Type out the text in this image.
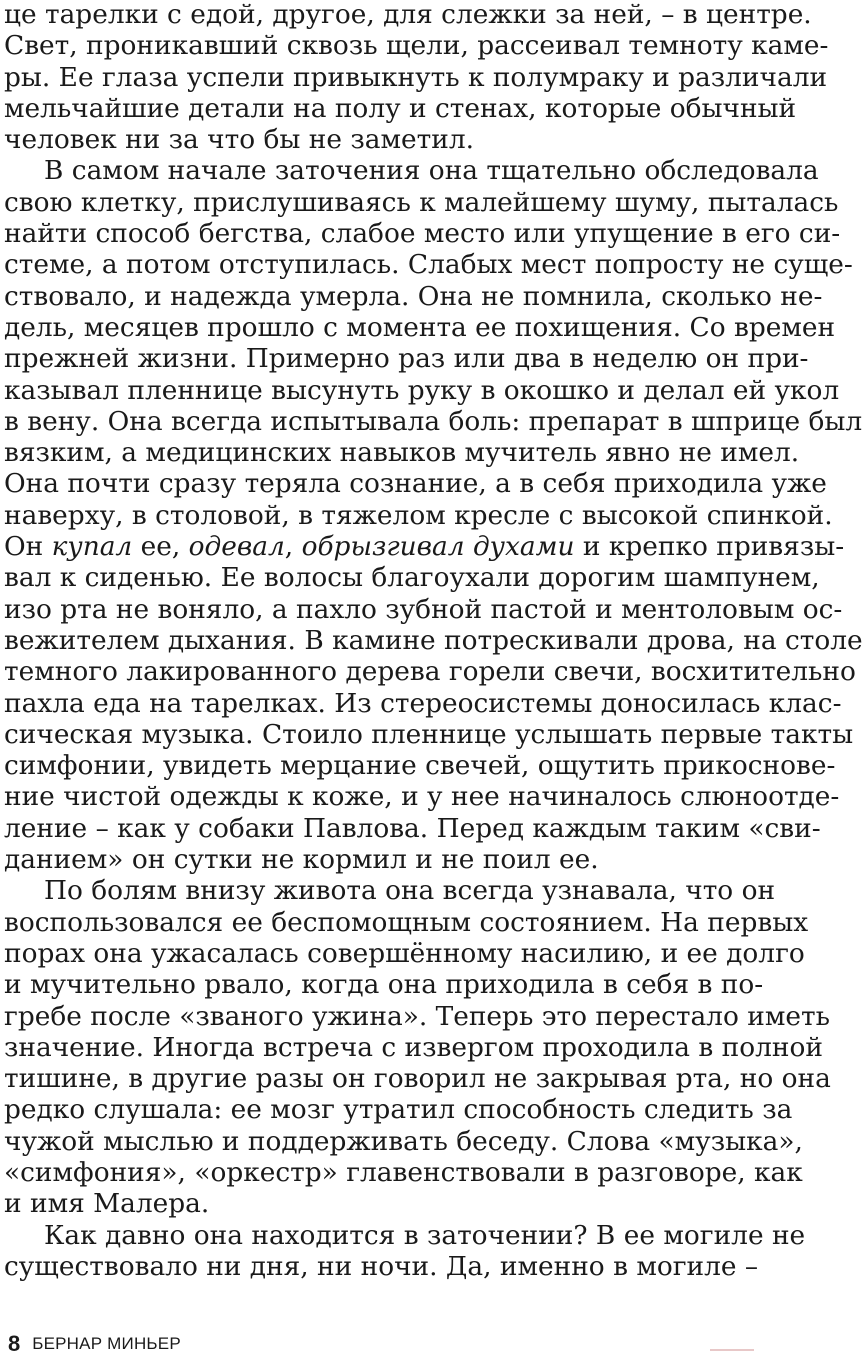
це тарелки с едой, другое, для слежки за ней, – в центре.
Свет, проникавший сквозь щели, рассеивал темноту каме-
ры. Ее глаза успели привыкнуть к полумраку и различали
мельчайшие детали на полу и стенах, которые обычный
человек ни за что бы не заметил.
В самом начале заточения она тщательно обследовала
свою клетку, прислушиваясь к малейшему шуму, пыталась
найти способ бегства, слабое место или упущение в его си-
стеме, а потом отступилась. Слабых мест попросту не суще-
ствовало, и надежда умерла. Она не помнила, сколько не-
дель, месяцев прошло с момента ее похищения. Со времен
прежней жизни. Примерно раз или два в неделю он при-
казывал пленнице высунуть руку в окошко и делал ей укол
в вену. Она всегда испытывала боль: препарат в шприце был
вязким, а медицинских навыков мучитель явно не имел.
Она почти сразу теряла сознание, а в себя приходила уже
наверху, в столовой, в тяжелом кресле с высокой спинкой.
Он купал ее, одевал, обрызгивал духами и крепко привязы-
вал к сиденью. Ее волосы благоухали дорогим шампунем,
изо рта не воняло, а пахло зубной пастой и ментоловым ос-
вежителем дыхания. В камине потрескивали дрова, на столе
темного лакированного дерева горели свечи, восхитительно
пахла еда на тарелках. Из стереосистемы доносилась клас-
сическая музыка. Стоило пленнице услышать первые такты
симфонии, увидеть мерцание свечей, ощутить прикоснове-
ние чистой одежды к коже, и у нее начиналось слюноотде-
ление – как у собаки Павлова. Перед каждым таким «сви-
данием» он сутки не кормил и не поил ее.
По болям внизу живота она всегда узнавала, что он
воспользовался ее беспомощным состоянием. На первых
порах она ужасалась совершённому насилию, и ее долго
и мучительно рвало, когда она приходила в себя в по-
гребе после «званого ужина». Теперь это перестало иметь
значение. Иногда встреча с извергом проходила в полной
тишине, в другие разы он говорил не закрывая рта, но она
редко слушала: ее мозг утратил способность следить за
чужой мыслью и поддерживать беседу. Слова «музыка»,
«симфония», «оркестр» главенствовали в разговоре, как
и имя Малера.
Как давно она находится в заточении? В ее могиле не
существовало ни дня, ни ночи. Да, именно в могиле –
8 БЕРНАР МИНЬЕР
